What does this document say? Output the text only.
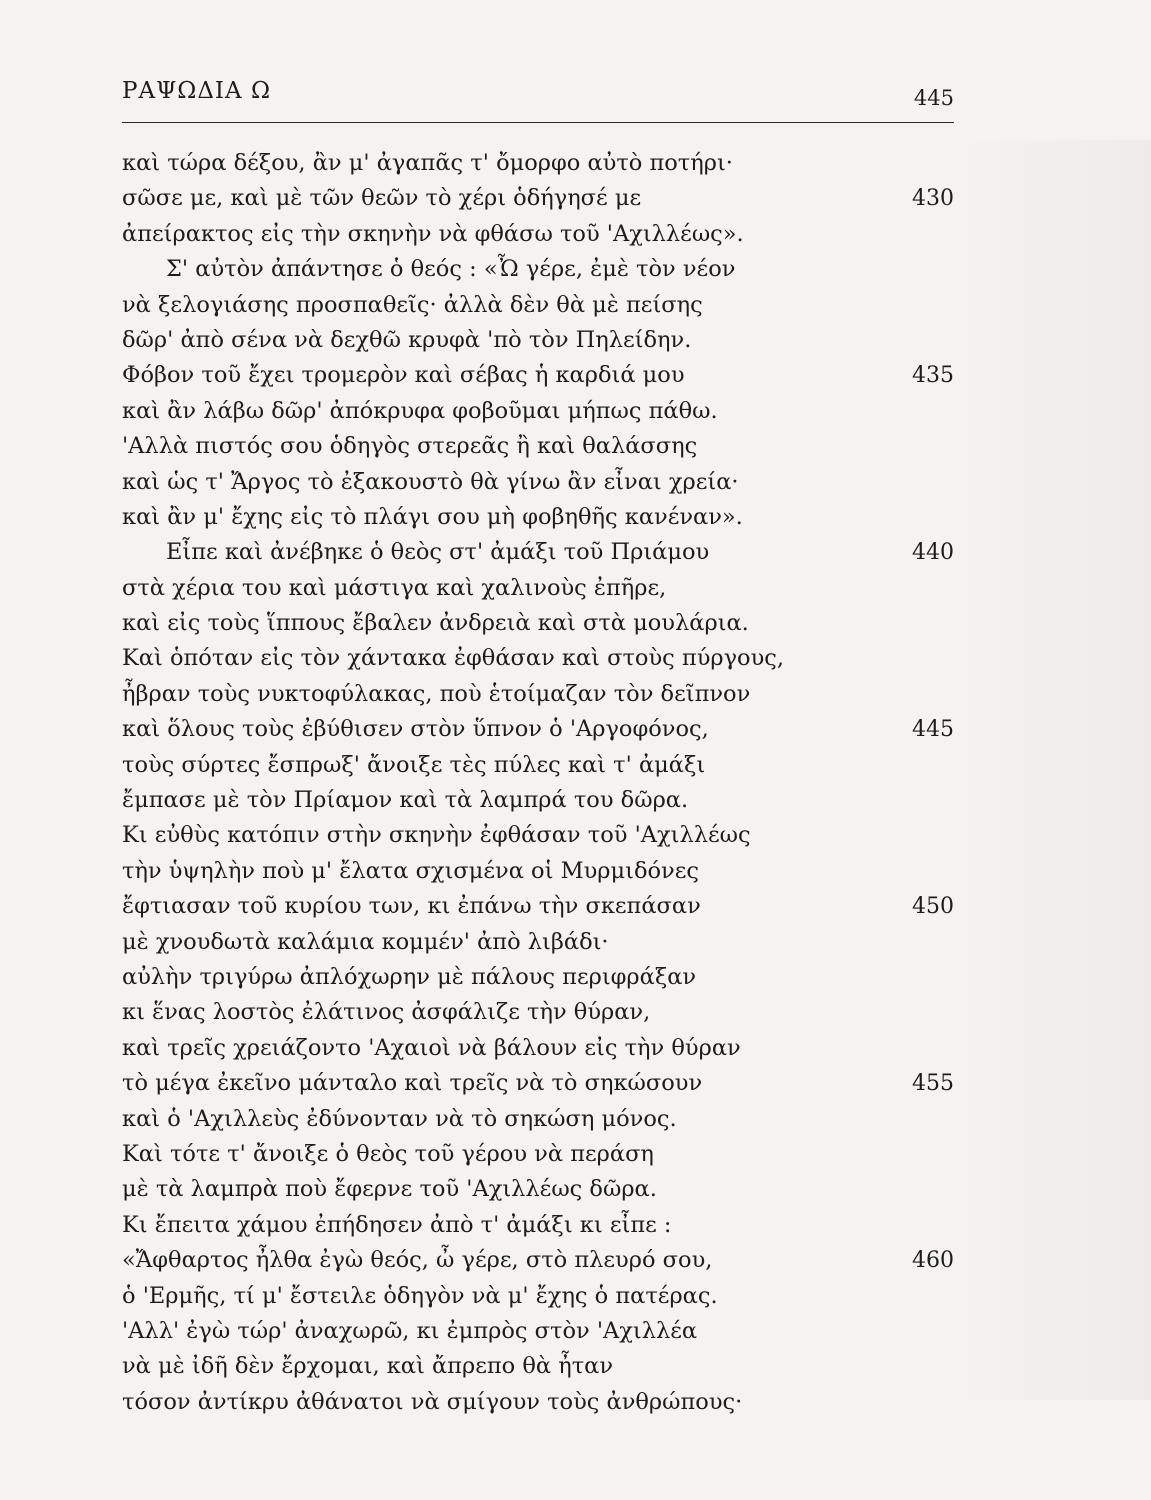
ΡΑΨΩΔΙΑ Ω	445
καὶ τώρα δέξου, ἂν μ' ἀγαπᾶς τ' ὄμορφο αὐτὸ ποτήρι·
σῶσε με, καὶ μὲ τῶν θεῶν τὸ χέρι ὁδήγησέ με	430
ἀπείρακτος εἰς τὴν σκηνὴν νὰ φθάσω τοῦ 'Αχιλλέως».
Σ' αὐτὸν ἀπάντησε ὁ θεός : «Ὦ γέρε, ἐμὲ τὸν νέον
νὰ ξελογιάσης προσπαθεῖς· ἀλλὰ δὲν θὰ μὲ πείσης
δῶρ' ἀπὸ σένα νὰ δεχθῶ κρυφὰ 'πὸ τὸν Πηλείδην.
Φόβον τοῦ ἔχει τρομερὸν καὶ σέβας ἡ καρδιά μου	435
καὶ ἂν λάβω δῶρ' ἀπόκρυφα φοβοῦμαι μήπως πάθω.
'Αλλὰ πιστός σου ὁδηγὸς στερεᾶς ἢ καὶ θαλάσσης
καὶ ὡς τ' Ἄργος τὸ ἐξακουστὸ θὰ γίνω ἂν εἶναι χρεία·
καὶ ἂν μ' ἔχης εἰς τὸ πλάγι σου μὴ φοβηθῆς κανέναν».
Εἶπε καὶ ἀνέβηκε ὁ θεὸς στ' ἀμάξι τοῦ Πριάμου	440
στὰ χέρια του καὶ μάστιγα καὶ χαλινοὺς ἐπῆρε,
καὶ εἰς τοὺς ἵππους ἔβαλεν ἀνδρειὰ καὶ στὰ μουλάρια.
Καὶ ὁπόταν εἰς τὸν χάντακα ἐφθάσαν καὶ στοὺς πύργους,
ἦβραν τοὺς νυκτοφύλακας, ποὺ ἑτοίμαζαν τὸν δεῖπνον
καὶ ὅλους τοὺς ἐβύθισεν στὸν ὕπνον ὁ 'Αργοφόνος,	445
τοὺς σύρτες ἔσπρωξ' ἄνοιξε τὲς πύλες καὶ τ' ἀμάξι
ἔμπασε μὲ τὸν Πρίαμον καὶ τὰ λαμπρά του δῶρα.
Κι εὐθὺς κατόπιν στὴν σκηνὴν ἐφθάσαν τοῦ 'Αχιλλέως
τὴν ὑψηλὴν ποὺ μ' ἔλατα σχισμένα οἱ Μυρμιδόνες
ἔφτιασαν τοῦ κυρίου των, κι ἐπάνω τὴν σκεπάσαν	450
μὲ χνουδωτὰ καλάμια κομμέν' ἀπὸ λιβάδι·
αὐλὴν τριγύρω ἀπλόχωρην μὲ πάλους περιφράξαν
κι ἕνας λοστὸς ἐλάτινος ἀσφάλιζε τὴν θύραν,
καὶ τρεῖς χρειάζοντο 'Αχαιοὶ νὰ βάλουν εἰς τὴν θύραν
τὸ μέγα ἐκεῖνο μάνταλο καὶ τρεῖς νὰ τὸ σηκώσουν	455
καὶ ὁ 'Αχιλλεὺς ἐδύνονταν νὰ τὸ σηκώση μόνος.
Καὶ τότε τ' ἄνοιξε ὁ θεὸς τοῦ γέρου νὰ περάση
μὲ τὰ λαμπρὰ ποὺ ἔφερνε τοῦ 'Αχιλλέως δῶρα.
Κι ἔπειτα χάμου ἐπήδησεν ἀπὸ τ' ἀμάξι κι εἶπε :
«Ἄφθαρτος ἦλθα ἐγὼ θεός, ὦ γέρε, στὸ πλευρό σου,	460
ὁ 'Ερμῆς, τί μ' ἔστειλε ὁδηγὸν νὰ μ' ἔχης ὁ πατέρας.
'Αλλ' ἐγὼ τώρ' ἀναχωρῶ, κι ἐμπρὸς στὸν 'Αχιλλέα
νὰ μὲ ἰδῆ δὲν ἔρχομαι, καὶ ἄπρεπο θὰ ἦταν
τόσον ἀντίκρυ ἀθάνατοι νὰ σμίγουν τοὺς ἀνθρώπους·
